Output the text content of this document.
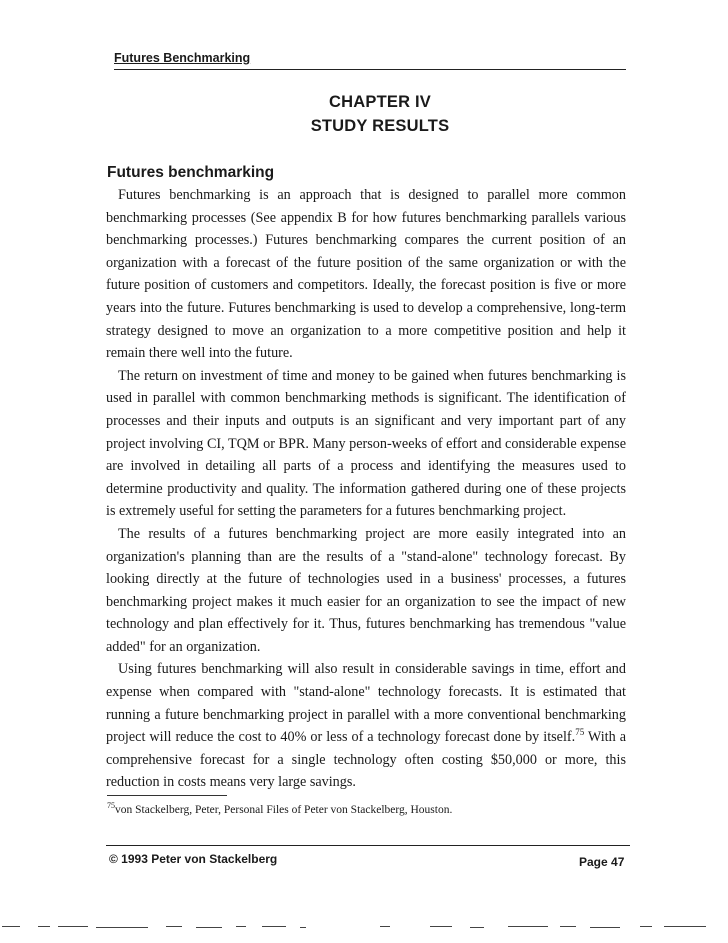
Futures Benchmarking
CHAPTER IV
STUDY RESULTS
Futures benchmarking

Futures benchmarking is an approach that is designed to parallel more common benchmarking processes (See appendix B for how futures benchmarking parallels various benchmarking processes.) Futures benchmarking compares the current position of an organization with a forecast of the future position of the same organization or with the future position of customers and competitors. Ideally, the forecast position is five or more years into the future. Futures benchmarking is used to develop a comprehensive, long-term strategy designed to move an organization to a more competitive position and help it remain there well into the future.

The return on investment of time and money to be gained when futures benchmarking is used in parallel with common benchmarking methods is significant. The identification of processes and their inputs and outputs is an significant and very important part of any project involving CI, TQM or BPR. Many person-weeks of effort and considerable expense are involved in detailing all parts of a process and identifying the measures used to determine productivity and quality. The information gathered during one of these projects is extremely useful for setting the parameters for a futures benchmarking project.

The results of a futures benchmarking project are more easily integrated into an organization's planning than are the results of a "stand-alone" technology forecast. By looking directly at the future of technologies used in a business' processes, a futures benchmarking project makes it much easier for an organization to see the impact of new technology and plan effectively for it. Thus, futures benchmarking has tremendous "value added" for an organization.

Using futures benchmarking will also result in considerable savings in time, effort and expense when compared with "stand-alone" technology forecasts. It is estimated that running a future benchmarking project in parallel with a more conventional benchmarking project will reduce the cost to 40% or less of a technology forecast done by itself.$^{75}$ With a comprehensive forecast for a single technology often costing $50,000 or more, this reduction in costs means very large savings.

$^{75}$von Stackelberg, Peter, Personal Files of Peter von Stackelberg, Houston.
© 1993 Peter von Stackelberg	Page 47
